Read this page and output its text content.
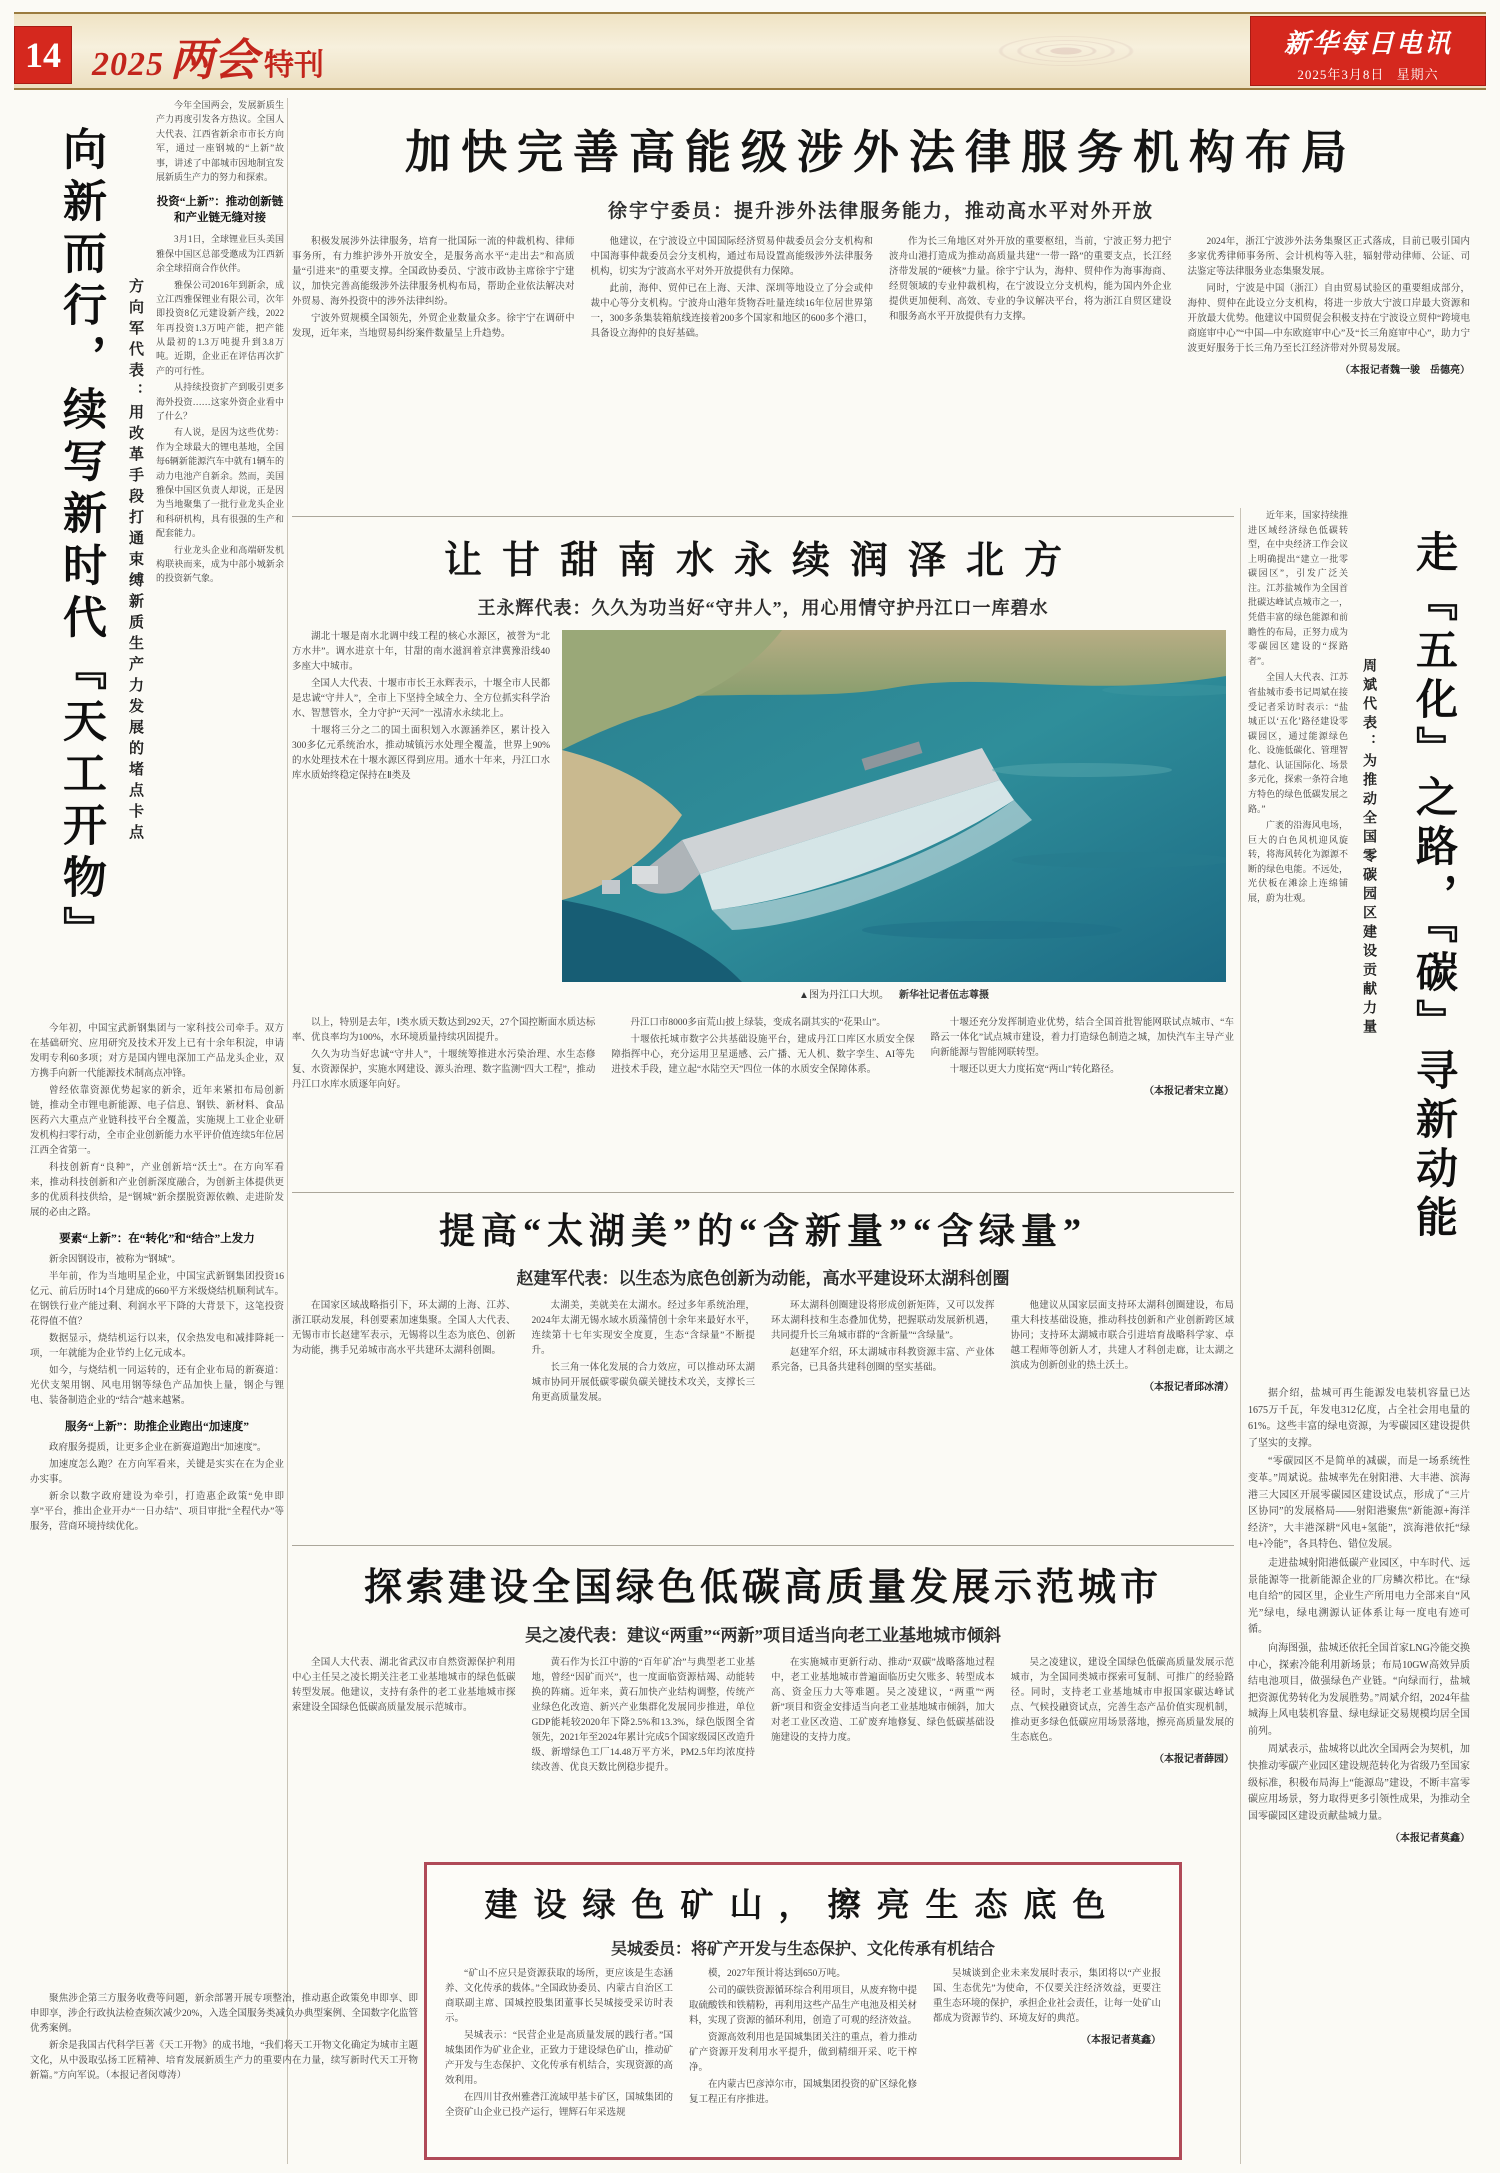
14 2025 两会 特刊
新华每日电讯
2025年3月8日 星期六
向新而行，续写新时代『天工开物』	方向军代表：用改革手段打通束缚新质生产力发展的堵点卡点

今年全国两会，发展新质生产力再度引发各方热议。全国人大代表、江西省新余市市长方向军，通过一座钢城的“上新”故事，讲述了中部城市因地制宜发展新质生产力的努力和探索。

投资“上新”：推动创新链和产业链无缝对接

3月1日，全球锂业巨头美国雅保中国区总部受邀成为江西新余全球招商合作伙伴。

雅保公司2016年到新余，成立江西雅保锂业有限公司，次年即投资8亿元建设新产线，2022年再投资1.3万吨产能，把产能从最初的1.3万吨提升到3.8万吨。近期，企业正在评估再次扩产的可行性。

从持续投资扩产到吸引更多海外投资……这家外资企业看中了什么？

有人说，是因为这些优势：作为全球最大的锂电基地，全国每6辆新能源汽车中就有1辆车的动力电池产自新余。然而，美国雅保中国区负责人却说，正是因为当地聚集了一批行业龙头企业和科研机构，具有很强的生产和配套能力。

行业龙头企业和高端研发机构联袂而来，成为中部小城新余的投资新气象。

今年初，中国宝武新钢集团与一家科技公司牵手。双方在基础研究、应用研究及技术开发上已有十余年积淀，申请发明专利60多项；对方是国内锂电深加工产品龙头企业，双方携手向新一代能源技术制高点冲锋。

曾经依靠资源优势起家的新余，近年来紧扣布局创新链，推动全市锂电新能源、电子信息、钢铁、新材料、食品医药六大重点产业链科技平台全覆盖，实施规上工业企业研发机构扫零行动，全市企业创新能力水平评价值连续5年位居江西全省第一。

科技创新育“良种”，产业创新培“沃土”。在方向军看来，推动科技创新和产业创新深度融合，为创新主体提供更多的优质科技供给，是“钢城”新余摆脱资源依赖、走进阶发展的必由之路。

要素“上新”：在“转化”和“结合”上发力

新余因钢设市，被称为“钢城”。

半年前，作为当地明星企业，中国宝武新钢集团投资16亿元、前后历时14个月建成的660平方米级烧结机顺利试车。在钢铁行业产能过剩、利润水平下降的大背景下，这笔投资花得值不值？

数据显示，烧结机运行以来，仅余热发电和减排降耗一项，一年就能为企业节约上亿元成本。

如今，与烧结机一同运转的，还有企业布局的新赛道：光伏支架用钢、风电用钢等绿色产品加快上量，钢企与锂电、装备制造企业的“结合”越来越紧。

服务“上新”：助推企业跑出“加速度”

政府服务提质，让更多企业在新赛道跑出“加速度”。

加速度怎么跑？在方向军看来，关键是实实在在为企业办实事。

新余以数字政府建设为牵引，打造惠企政策“免申即享”平台，推出企业开办“一日办结”、项目审批“全程代办”等服务，营商环境持续优化。

聚焦涉企第三方服务收费等问题，新余部署开展专项整治，推动惠企政策免申即享、即申即享，涉企行政执法检查频次减少20%，入选全国服务类减负办典型案例、全国数字化监管优秀案例。

新余是我国古代科学巨著《天工开物》的成书地，“我们将天工开物文化确定为城市主题文化，从中汲取弘扬工匠精神、培育发展新质生产力的重要内在力量，续写新时代天工开物新篇。”方向军说。（本报记者闵尊涛）

加快完善高能级涉外法律服务机构布局
徐宇宁委员：提升涉外法律服务能力，推动高水平对外开放

积极发展涉外法律服务，培育一批国际一流的仲裁机构、律师事务所，有力维护涉外开放安全，是服务高水平“走出去”和高质量“引进来”的重要支撑。全国政协委员、宁波市政协主席徐宇宁建议，加快完善高能级涉外法律服务机构布局，帮助企业依法解决对外贸易、海外投资中的涉外法律纠纷。

宁波外贸规模全国领先，外贸企业数量众多。徐宇宁在调研中发现，近年来，当地贸易纠纷案件数量呈上升趋势。

他建议，在宁波设立中国国际经济贸易仲裁委员会分支机构和中国海事仲裁委员会分支机构，通过布局设置高能级涉外法律服务机构，切实为宁波高水平对外开放提供有力保障。

此前，海仲、贸仲已在上海、天津、深圳等地设立了分会或仲裁中心等分支机构。宁波舟山港年货物吞吐量连续16年位居世界第一，300多条集装箱航线连接着200多个国家和地区的600多个港口，具备设立海仲的良好基础。

作为长三角地区对外开放的重要枢纽，当前，宁波正努力把宁波舟山港打造成为推动高质量共建“一带一路”的重要支点，长江经济带发展的“硬核”力量。徐宇宁认为，海仲、贸仲作为海事海商、经贸领域的专业仲裁机构，在宁波设立分支机构，能为国内外企业提供更加便利、高效、专业的争议解决平台，将为浙江自贸区建设和服务高水平开放提供有力支撑。

2024年，浙江宁波涉外法务集聚区正式落成，目前已吸引国内多家优秀律师事务所、会计机构等入驻，辐射带动律师、公证、司法鉴定等法律服务业态集聚发展。

同时，宁波是中国（浙江）自由贸易试验区的重要组成部分，海仲、贸仲在此设立分支机构，将进一步放大宁波口岸最大资源和开放最大优势。他建议中国贸促会积极支持在宁波设立贸仲“跨境电商庭审中心”“中国—中东欧庭审中心”及“长三角庭审中心”，助力宁波更好服务于长三角乃至长江经济带对外贸易发展。

（本报记者魏一骏　岳德亮）

让甘甜南水永续润泽北方
王永辉代表：久久为功当好“守井人”，用心用情守护丹江口一库碧水

湖北十堰是南水北调中线工程的核心水源区，被誉为“北方水井”。调水进京十年，甘甜的南水滋润着京津冀豫沿线40多座大中城市。

全国人大代表、十堰市市长王永辉表示，十堰全市人民都是忠诚“守井人”，全市上下坚持全域全力、全方位抓实科学治水、智慧管水，全力守护“天河”一泓清水永续北上。

十堰将三分之二的国土面积划入水源涵养区，累计投入300多亿元系统治水，推动城镇污水处理全覆盖，世界上90%的水处理技术在十堰水源区得到应用。通水十年来，丹江口水库水质始终稳定保持在Ⅱ类及

▲图为丹江口大坝。 新华社记者伍志尊摄

以上，特别是去年，Ⅰ类水质天数达到292天，27个国控断面水质达标率、优良率均为100%，水环境质量持续巩固提升。

久久为功当好忠诚“守井人”，十堰统筹推进水污染治理、水生态修复、水资源保护，实施水网建设、源头治理、数字监测“四大工程”，推动丹江口水库水质逐年向好。

丹江口市8000多亩荒山披上绿装，变成名副其实的“花果山”。

十堰依托城市数字公共基础设施平台，建成丹江口库区水质安全保障指挥中心，充分运用卫星遥感、云广播、无人机、数字孪生、AI等先进技术手段，建立起“水陆空天”四位一体的水质安全保障体系。

十堰还充分发挥制造业优势，结合全国首批智能网联试点城市、“车路云一体化”试点城市建设，着力打造绿色制造之城，加快汽车主导产业向新能源与智能网联转型。

十堰还以更大力度拓宽“两山”转化路径。

（本报记者宋立崑）

提高“太湖美”的“含新量”“含绿量”
赵建军代表：以生态为底色创新为动能，高水平建设环太湖科创圈

在国家区域战略指引下，环太湖的上海、江苏、浙江联动发展，科创要素加速集聚。全国人大代表、无锡市市长赵建军表示，无锡将以生态为底色、创新为动能，携手兄弟城市高水平共建环太湖科创圈。

太湖美，美就美在太湖水。经过多年系统治理，2024年太湖无锡水域水质藻情创十余年来最好水平，连续第十七年实现安全度夏，生态“含绿量”不断提升。

长三角一体化发展的合力效应，可以推动环太湖城市协同开展低碳零碳负碳关键技术攻关，支撑长三角更高质量发展。

环太湖科创圈建设将形成创新矩阵，又可以发挥环太湖科技和生态叠加优势，把握联动发展新机遇，共同提升长三角城市群的“含新量”“含绿量”。

赵建军介绍，环太湖城市科教资源丰富、产业体系完备，已具备共建科创圈的坚实基础。

他建议从国家层面支持环太湖科创圈建设，布局重大科技基础设施，推动科技创新和产业创新跨区域协同；支持环太湖城市联合引进培育战略科学家、卓越工程师等创新人才，共建人才科创走廊，让太湖之滨成为创新创业的热土沃土。

（本报记者邱冰清）

探索建设全国绿色低碳高质量发展示范城市
吴之凌代表：建议“两重”“两新”项目适当向老工业基地城市倾斜

全国人大代表、湖北省武汉市自然资源保护利用中心主任吴之凌长期关注老工业基地城市的绿色低碳转型发展。他建议，支持有条件的老工业基地城市探索建设全国绿色低碳高质量发展示范城市。

黄石作为长江中游的“百年矿冶”与典型老工业基地，曾经“因矿而兴”，也一度面临资源枯竭、动能转换的阵痛。近年来，黄石加快产业结构调整，传统产业绿色化改造、新兴产业集群化发展同步推进，单位GDP能耗较2020年下降2.5%和13.3%，绿色版图全省领先，2021年至2024年累计完成5个国家级园区改造升级、新增绿色工厂14.48万平方米，PM2.5年均浓度持续改善、优良天数比例稳步提升。

在实施城市更新行动、推动“双碳”战略落地过程中，老工业基地城市普遍面临历史欠账多、转型成本高、资金压力大等难题。吴之凌建议，“两重”“两新”项目和资金安排适当向老工业基地城市倾斜，加大对老工业区改造、工矿废弃地修复、绿色低碳基础设施建设的支持力度。

吴之凌建议，建设全国绿色低碳高质量发展示范城市，为全国同类城市探索可复制、可推广的经验路径。同时，支持老工业基地城市申报国家碳达峰试点、气候投融资试点，完善生态产品价值实现机制，推动更多绿色低碳应用场景落地，擦亮高质量发展的生态底色。

（本报记者薛园）

近年来，国家持续推进区域经济绿色低碳转型，在中央经济工作会议上明确提出“建立一批零碳园区”，引发广泛关注。江苏盐城作为全国首批碳达峰试点城市之一，凭借丰富的绿色能源和前瞻性的布局，正努力成为零碳园区建设的“探路者”。

全国人大代表、江苏省盐城市委书记周斌在接受记者采访时表示：“盐城正以‘五化’路径建设零碳园区，通过能源绿色化、设施低碳化、管理智慧化、认证国际化、场景多元化，探索一条符合地方特色的绿色低碳发展之路。”

广袤的沿海风电场，巨大的白色风机迎风旋转，将海风转化为源源不断的绿色电能。不远处，光伏板在滩涂上连绵铺展，蔚为壮观。	周斌代表：为推动全国零碳园区建设贡献力量 走『五化』之路，『碳』寻新动能

据介绍，盐城可再生能源发电装机容量已达1675万千瓦，年发电312亿度，占全社会用电量的61%。这些丰富的绿电资源，为零碳园区建设提供了坚实的支撑。

“零碳园区不是简单的减碳，而是一场系统性变革。”周斌说。盐城率先在射阳港、大丰港、滨海港三大园区开展零碳园区建设试点，形成了“三片区协同”的发展格局——射阳港聚焦“新能源+海洋经济”，大丰港深耕“风电+氢能”，滨海港依托“绿电+冷能”，各具特色、错位发展。

走进盐城射阳港低碳产业园区，中车时代、远景能源等一批新能源企业的厂房鳞次栉比。在“绿电自给”的园区里，企业生产所用电力全部来自“风光”绿电，绿电溯源认证体系让每一度电有迹可循。

向海图强，盐城还依托全国首家LNG冷能交换中心，探索冷能利用新场景；布局10GW高效异质结电池项目，做强绿色产业链。“向绿而行，盐城把资源优势转化为发展胜势。”周斌介绍，2024年盐城海上风电装机容量、绿电绿证交易规模均居全国前列。

周斌表示，盐城将以此次全国两会为契机，加快推动零碳产业园区建设规范转化为省级乃至国家级标准，积极布局海上“能源岛”建设，不断丰富零碳应用场景，努力取得更多引领性成果，为推动全国零碳园区建设贡献盐城力量。

（本报记者莫鑫）

建设绿色矿山，擦亮生态底色
吴城委员：将矿产开发与生态保护、文化传承有机结合

“矿山不应只是资源获取的场所，更应该是生态涵养、文化传承的载体。”全国政协委员、内蒙古自治区工商联副主席、国城控股集团董事长吴城接受采访时表示。

吴城表示：“民营企业是高质量发展的践行者。”国城集团作为矿业企业，正致力于建设绿色矿山，推动矿产开发与生态保护、文化传承有机结合，实现资源的高效利用。

在四川甘孜州雅砻江流域甲基卡矿区，国城集团的全资矿山企业已投产运行，锂辉石年采选规

模，2027年预计将达到650万吨。

公司的碳铁资源循环综合利用项目，从废弃物中提取硫酸铁和铁精粉，再利用这些产品生产电池及相关材料，实现了资源的循环利用，创造了可观的经济效益。

资源高效利用也是国城集团关注的重点，着力推动矿产资源开发利用水平提升，做到精细开采、吃干榨净。

在内蒙古巴彦淖尔市，国城集团投资的矿区绿化修复工程正有序推进。

吴城谈到企业未来发展时表示，集团将以“产业报国、生态优先”为使命，不仅要关注经济效益，更要注重生态环境的保护，承担企业社会责任，让每一处矿山都成为资源节约、环境友好的典范。

（本报记者莫鑫）
